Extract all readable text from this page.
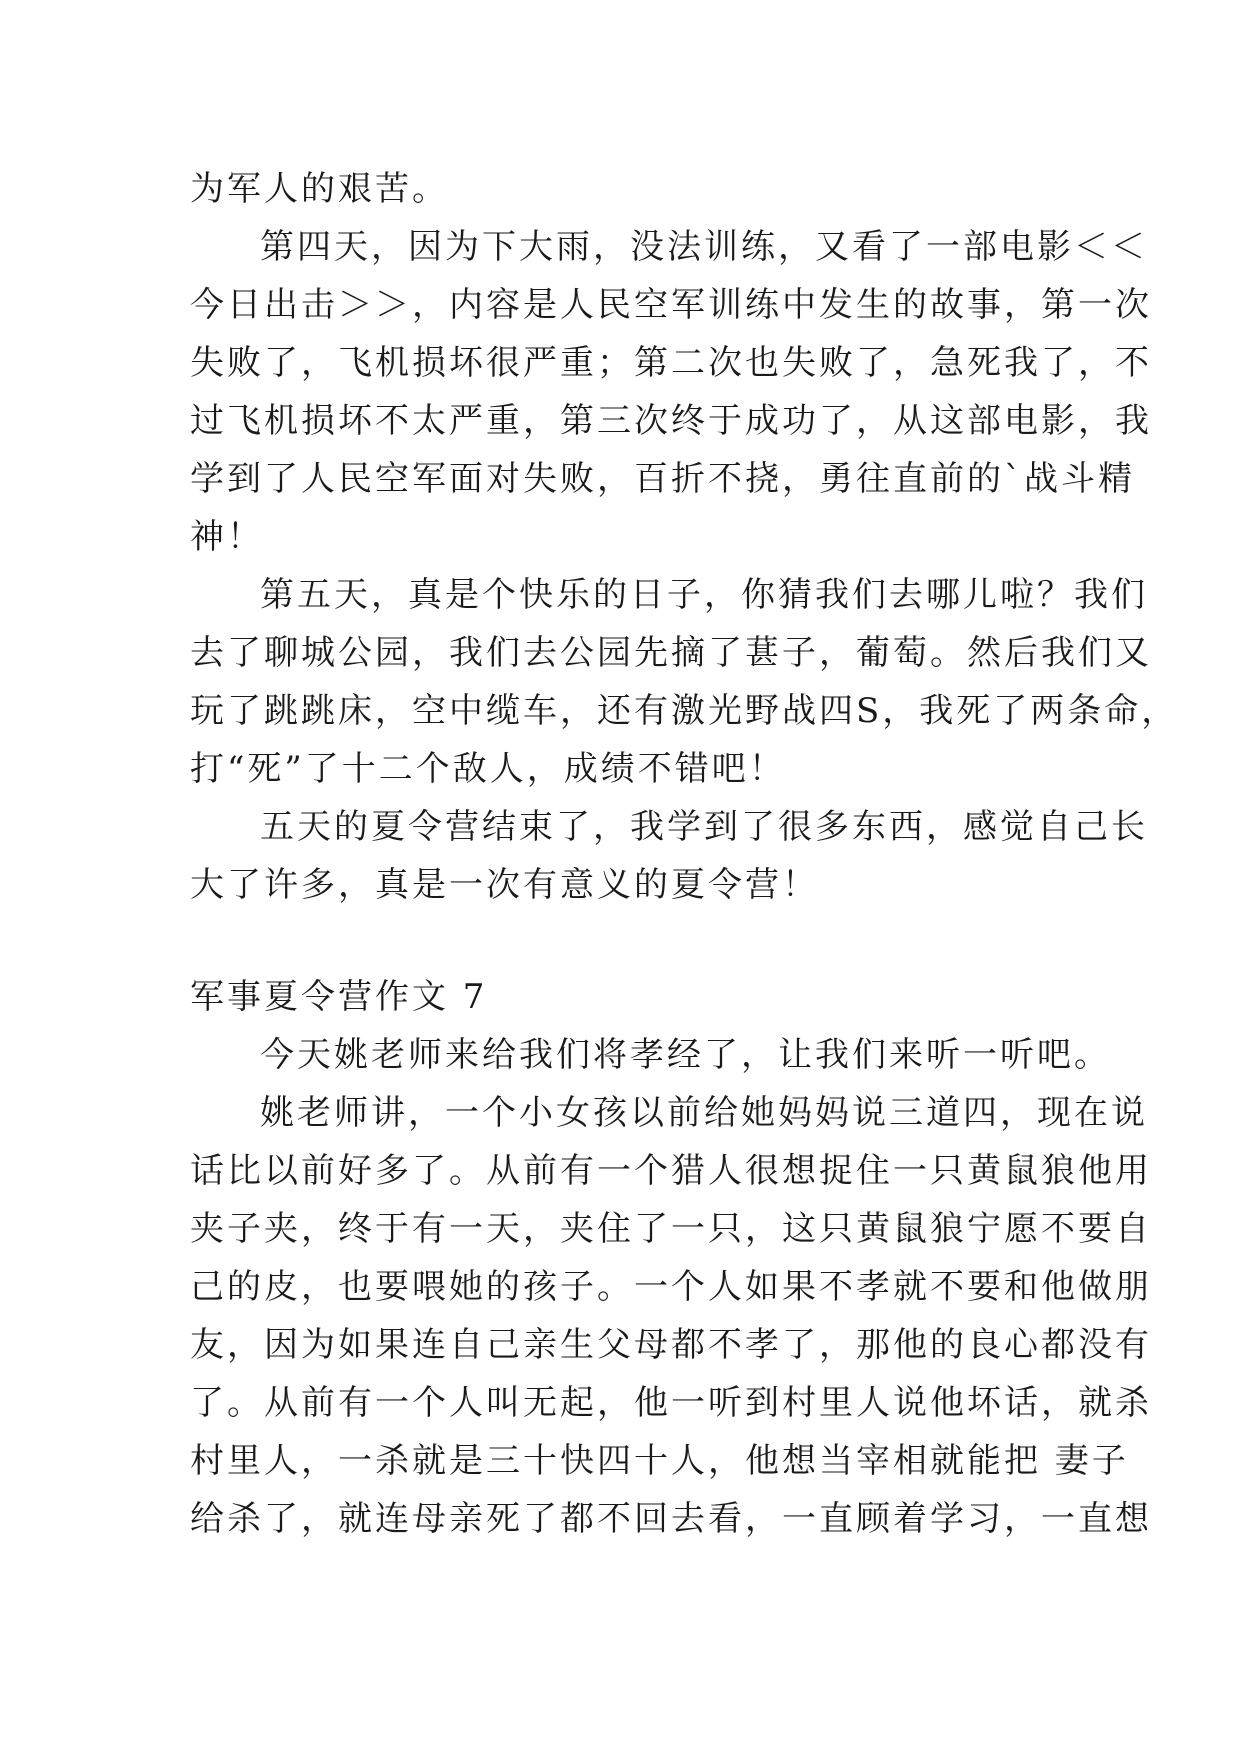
为军人的艰苦。
第四天，因为下大雨，没法训练，又看了一部电影＜＜
今日出击＞＞，内容是人民空军训练中发生的故事，第一次
失败了，飞机损坏很严重；第二次也失败了，急死我了，不
过飞机损坏不太严重，第三次终于成功了，从这部电影，我
学到了人民空军面对失败，百折不挠，勇往直前的`战斗精
神！
第五天，真是个快乐的日子，你猜我们去哪儿啦？我们
去了聊城公园，我们去公园先摘了葚子，葡萄。然后我们又
玩了跳跳床，空中缆车，还有激光野战四S，我死了两条命，
打“死”了十二个敌人，成绩不错吧！
五天的夏令营结束了，我学到了很多东西，感觉自己长
大了许多，真是一次有意义的夏令营！
军事夏令营作文 7
今天姚老师来给我们将孝经了，让我们来听一听吧。
姚老师讲，一个小女孩以前给她妈妈说三道四，现在说
话比以前好多了。从前有一个猎人很想捉住一只黄鼠狼他用
夹子夹，终于有一天，夹住了一只，这只黄鼠狼宁愿不要自
己的皮，也要喂她的孩子。一个人如果不孝就不要和他做朋
友，因为如果连自己亲生父母都不孝了，那他的良心都没有
了。从前有一个人叫无起，他一听到村里人说他坏话，就杀
村里人，一杀就是三十快四十人，他想当宰相就能把 妻子
给杀了，就连母亲死了都不回去看，一直顾着学习，一直想
